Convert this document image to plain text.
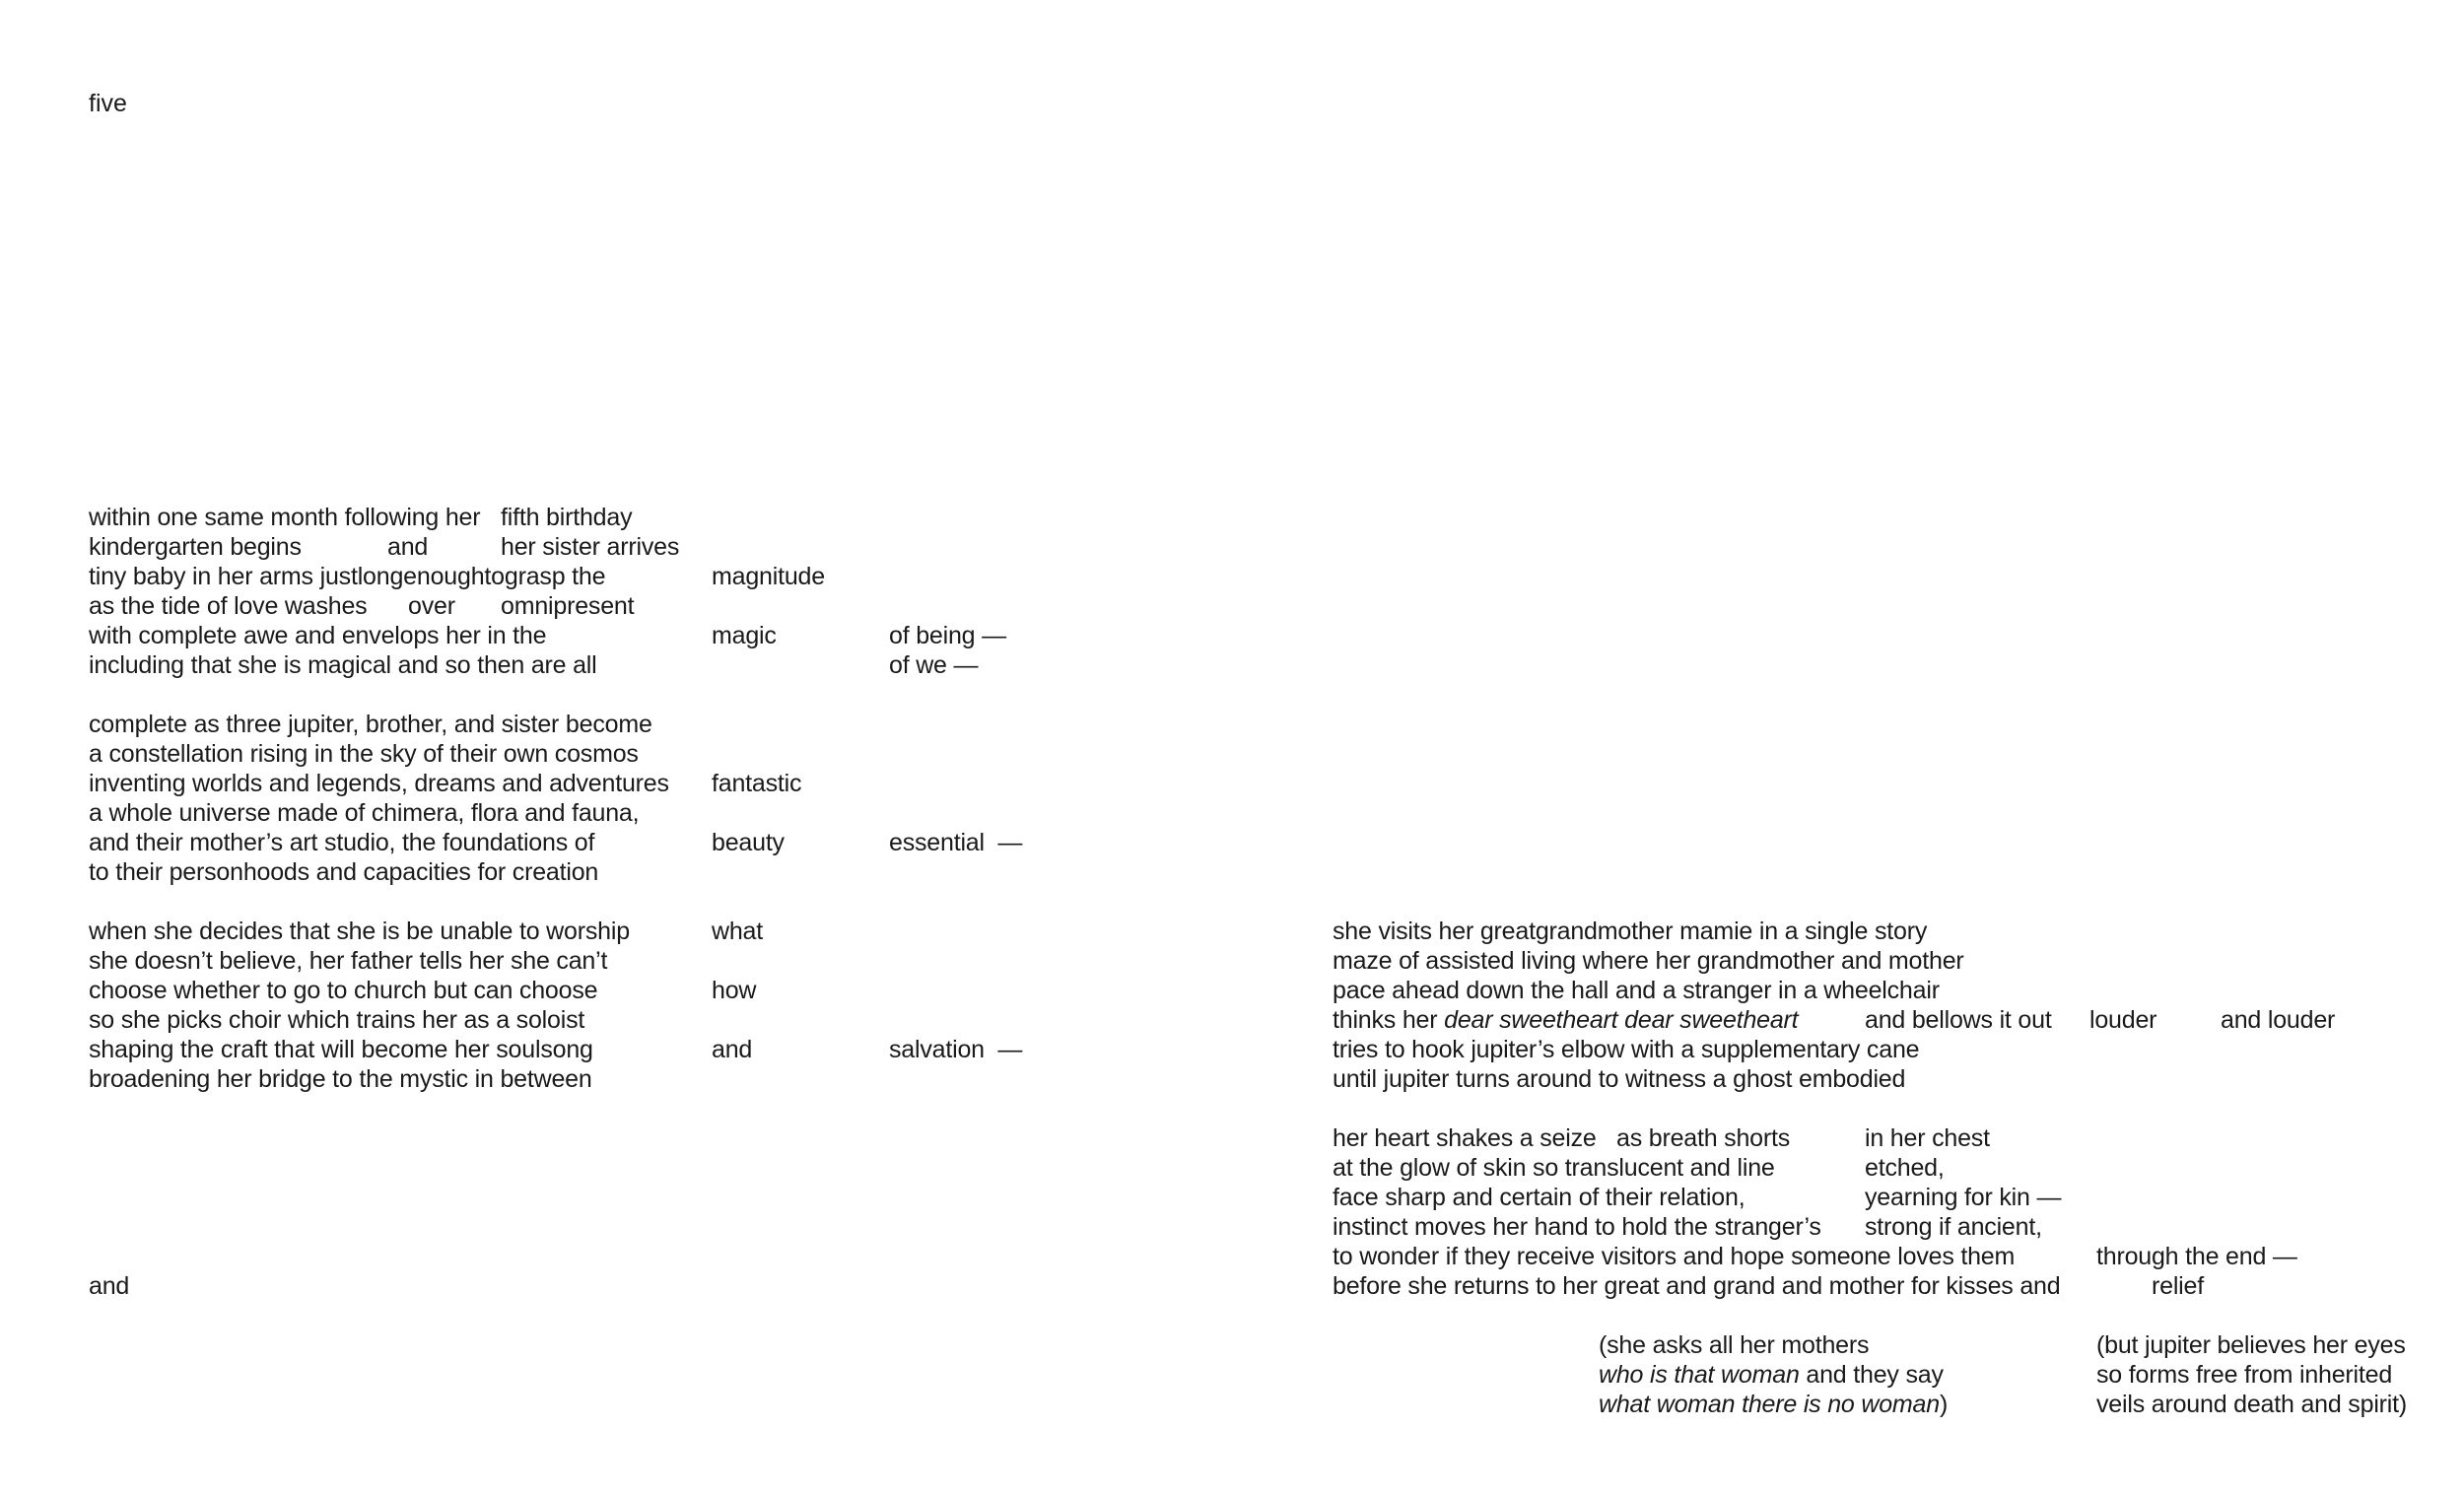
five
within one same month following her fifth birthday
kindergarten begins	and	her sister arrives
tiny baby in her arms justlongenoughtograsp the	magnitude
as the tide of love washes over omnipresent
with complete awe and envelops her in the	magic	of being —
including that she is magical and so then are all	of we —
complete as three jupiter, brother, and sister become
a constellation rising in the sky of their own cosmos
inventing worlds and legends, dreams and adventures fantastic
a whole universe made of chimera, flora and fauna,
and their mother’s art studio, the foundations of	beauty	essential  —
to their personhoods and capacities for creation
when she decides that she is be unable to worship	what
she doesn’t believe, her father tells her she can’t
choose whether to go to church but can choose	how
so she picks choir which trains her as a soloist
shaping the craft that will become her soulsong	and	salvation  —
broadening her bridge to the mystic in between
and
she visits her greatgrandmother mamie in a single story
maze of assisted living where her grandmother and mother
pace ahead down the hall and a stranger in a wheelchair
thinks her dear sweetheart dear sweetheart	and bellows it out louder	and louder
tries to hook jupiter’s elbow with a supplementary cane
until jupiter turns around to witness a ghost embodied
her heart shakes a seize as breath shorts	in her chest
at the glow of skin so translucent and line	etched,
face sharp and certain of their relation,	yearning for kin —
instinct moves her hand to hold the stranger’s strong if ancient,
to wonder if they receive visitors and hope someone loves them	through the end —
before she returns to her great and grand and mother for kisses and	relief
(she asks all her mothers
who is that woman and they say
what woman there is no woman)
(but jupiter believes her eyes
so forms free from inherited
veils around death and spirit)
